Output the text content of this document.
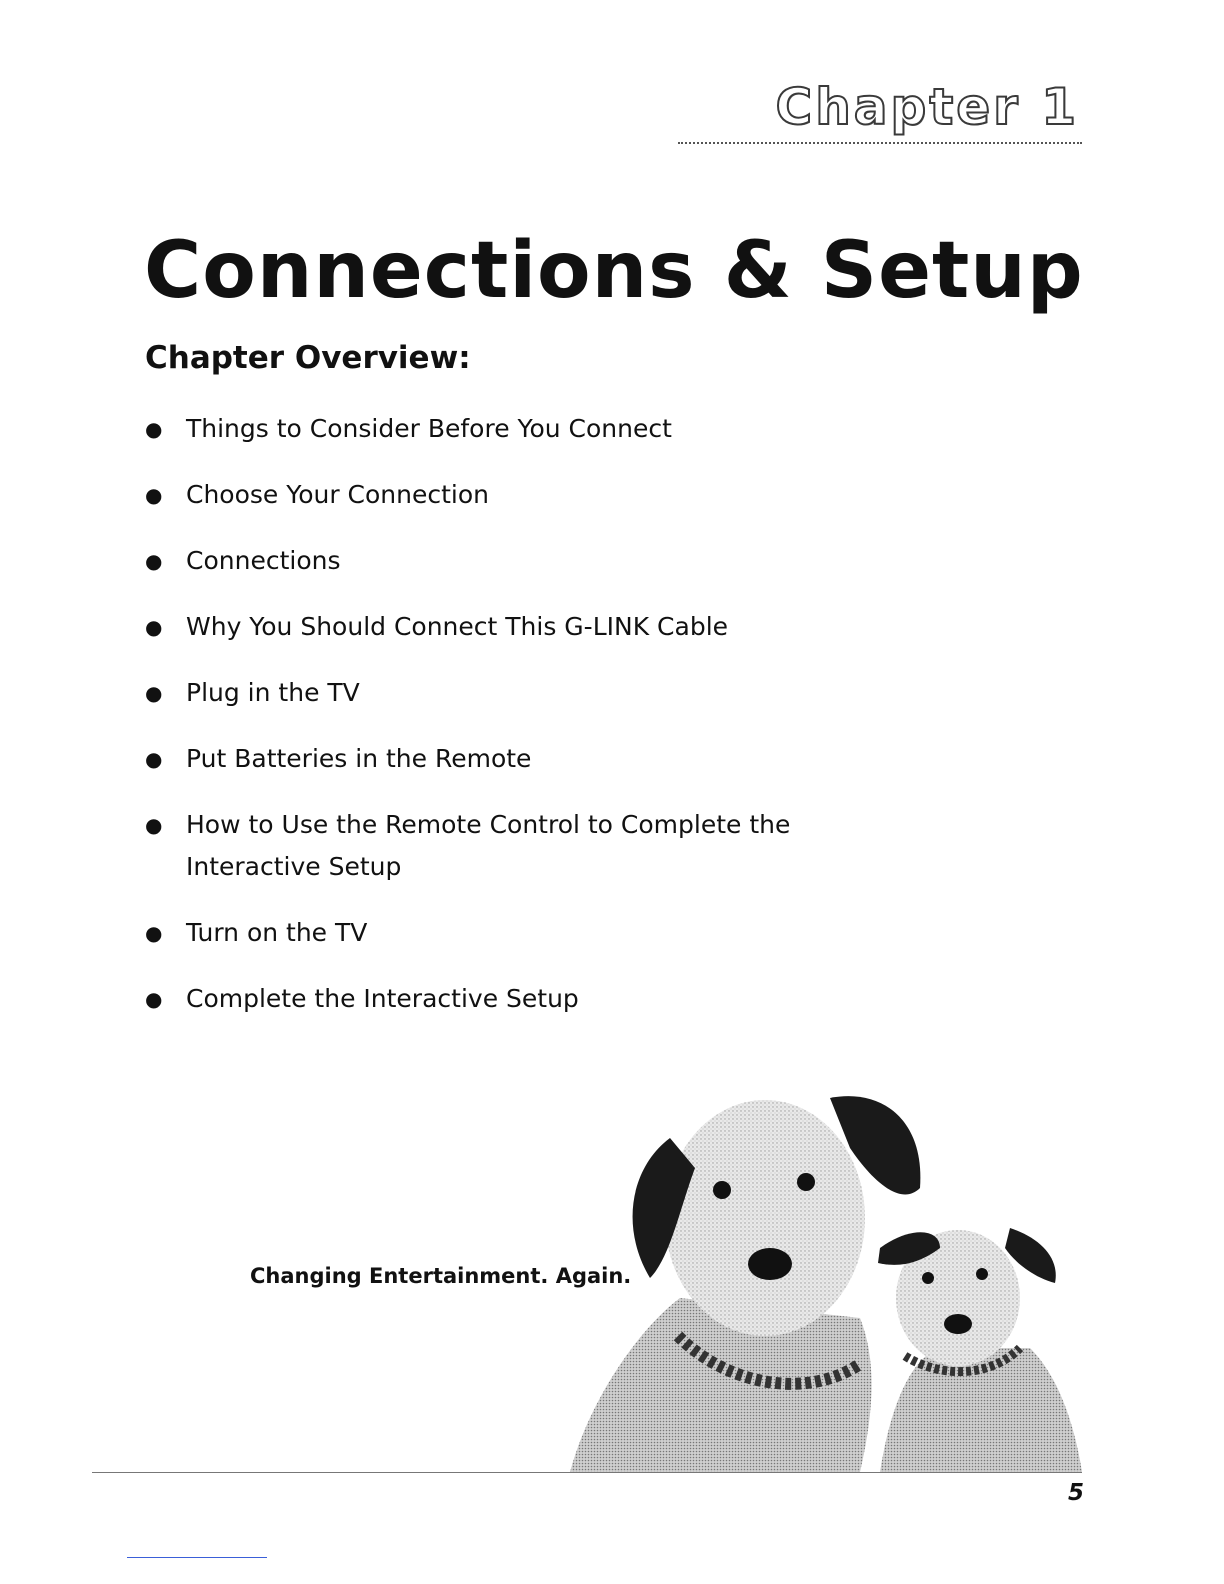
Chapter 1
Connections & Setup
Chapter Overview:
● Things to Consider Before You Connect
● Choose Your Connection
● Connections
● Why You Should Connect This G-LINK Cable
● Plug in the TV
● Put Batteries in the Remote
● How to Use the Remote Control to Complete the Interactive Setup
● Turn on the TV
● Complete the Interactive Setup
Changing Entertainment. Again.
5
